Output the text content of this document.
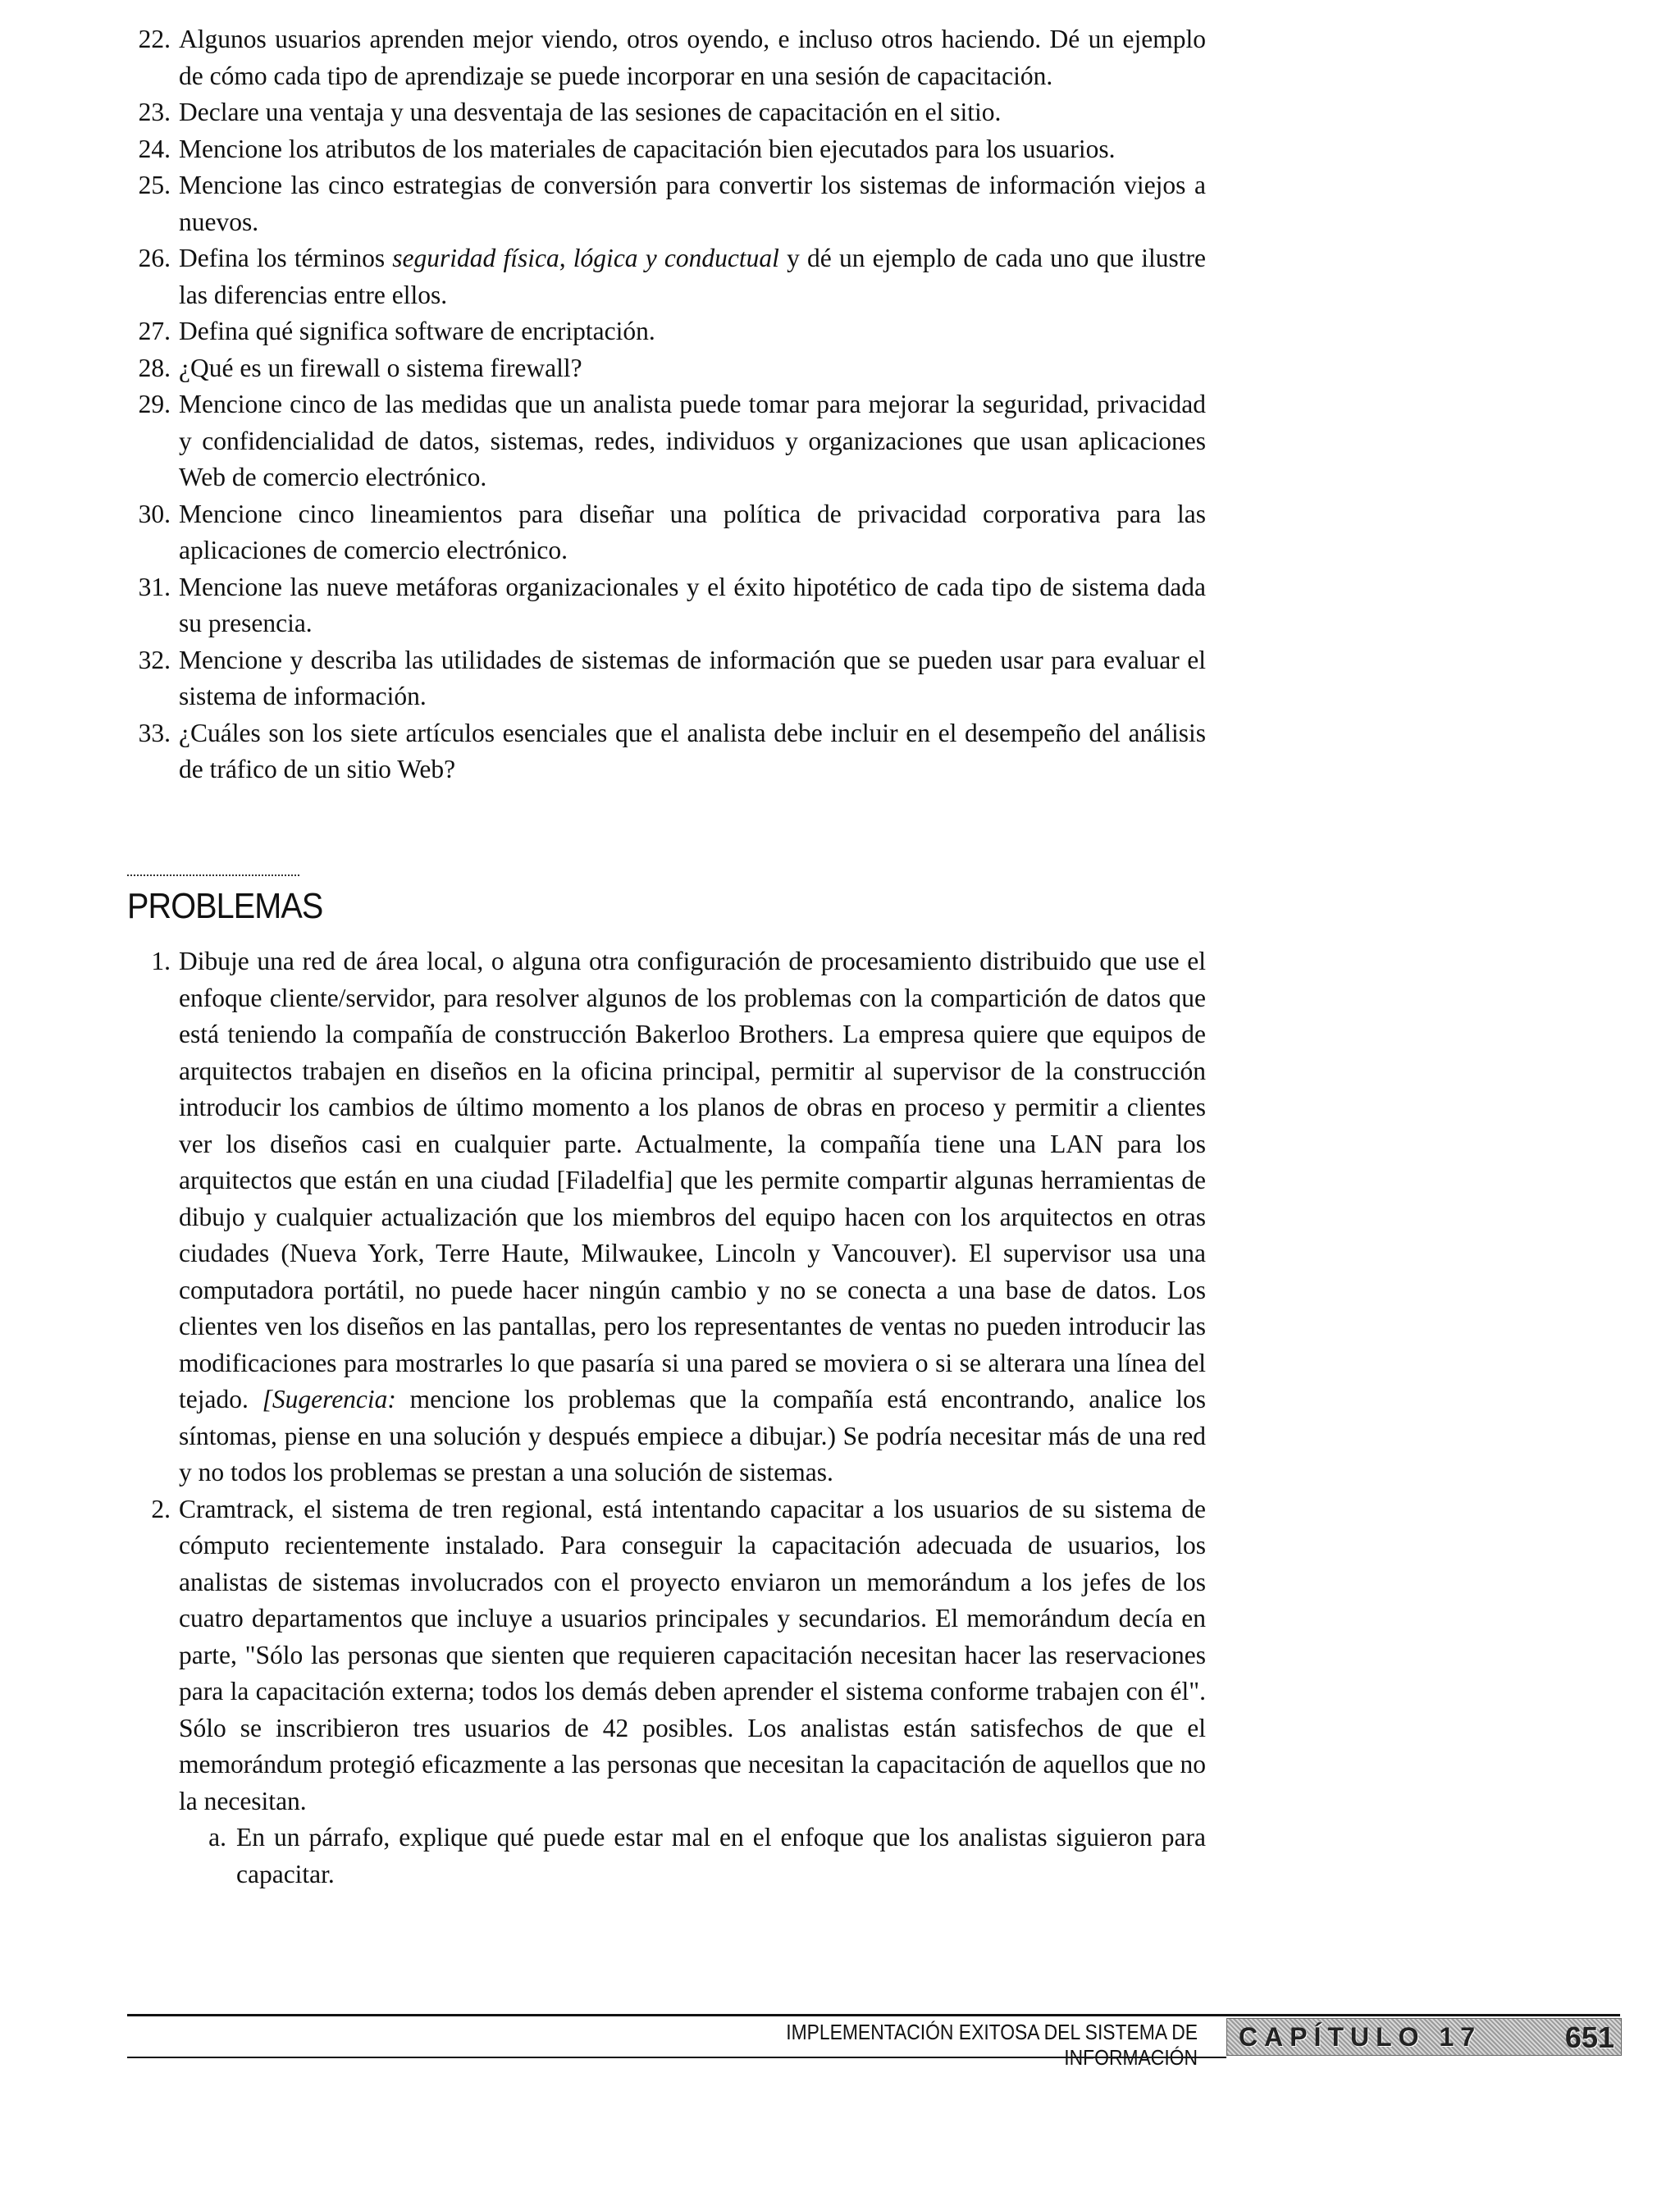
22. Algunos usuarios aprenden mejor viendo, otros oyendo, e incluso otros haciendo. Dé un ejemplo de cómo cada tipo de aprendizaje se puede incorporar en una sesión de capacitación.
23. Declare una ventaja y una desventaja de las sesiones de capacitación en el sitio.
24. Mencione los atributos de los materiales de capacitación bien ejecutados para los usuarios.
25. Mencione las cinco estrategias de conversión para convertir los sistemas de información viejos a nuevos.
26. Defina los términos seguridad física, lógica y conductual y dé un ejemplo de cada uno que ilustre las diferencias entre ellos.
27. Defina qué significa software de encriptación.
28. ¿Qué es un firewall o sistema firewall?
29. Mencione cinco de las medidas que un analista puede tomar para mejorar la seguridad, privacidad y confidencialidad de datos, sistemas, redes, individuos y organizaciones que usan aplicaciones Web de comercio electrónico.
30. Mencione cinco lineamientos para diseñar una política de privacidad corporativa para las aplicaciones de comercio electrónico.
31. Mencione las nueve metáforas organizacionales y el éxito hipotético de cada tipo de sistema dada su presencia.
32. Mencione y describa las utilidades de sistemas de información que se pueden usar para evaluar el sistema de información.
33. ¿Cuáles son los siete artículos esenciales que el analista debe incluir en el desempeño del análisis de tráfico de un sitio Web?
PROBLEMAS
1. Dibuje una red de área local, o alguna otra configuración de procesamiento distribuido que use el enfoque cliente/servidor, para resolver algunos de los problemas con la compartición de datos que está teniendo la compañía de construcción Bakerloo Brothers. La empresa quiere que equipos de arquitectos trabajen en diseños en la oficina principal, permitir al supervisor de la construcción introducir los cambios de último momento a los planos de obras en proceso y permitir a clientes ver los diseños casi en cualquier parte. Actualmente, la compañía tiene una LAN para los arquitectos que están en una ciudad [Filadelfia] que les permite compartir algunas herramientas de dibujo y cualquier actualización que los miembros del equipo hacen con los arquitectos en otras ciudades (Nueva York, Terre Haute, Milwaukee, Lincoln y Vancouver). El supervisor usa una computadora portátil, no puede hacer ningún cambio y no se conecta a una base de datos. Los clientes ven los diseños en las pantallas, pero los representantes de ventas no pueden introducir las modificaciones para mostrarles lo que pasaría si una pared se moviera o si se alterara una línea del tejado. [Sugerencia: mencione los problemas que la compañía está encontrando, analice los síntomas, piense en una solución y después empiece a dibujar.) Se podría necesitar más de una red y no todos los problemas se prestan a una solución de sistemas.
2. Cramtrack, el sistema de tren regional, está intentando capacitar a los usuarios de su sistema de cómputo recientemente instalado. Para conseguir la capacitación adecuada de usuarios, los analistas de sistemas involucrados con el proyecto enviaron un memorándum a los jefes de los cuatro departamentos que incluye a usuarios principales y secundarios. El memorándum decía en parte, "Sólo las personas que sienten que requieren capacitación necesitan hacer las reservaciones para la capacitación externa; todos los demás deben aprender el sistema conforme trabajen con él". Sólo se inscribieron tres usuarios de 42 posibles. Los analistas están satisfechos de que el memorándum protegió eficazmente a las personas que necesitan la capacitación de aquellos que no la necesitan.
a. En un párrafo, explique qué puede estar mal en el enfoque que los analistas siguieron para capacitar.
IMPLEMENTACIÓN EXITOSA DEL SISTEMA DE INFORMACIÓN
CAPÍTULO 17	651
